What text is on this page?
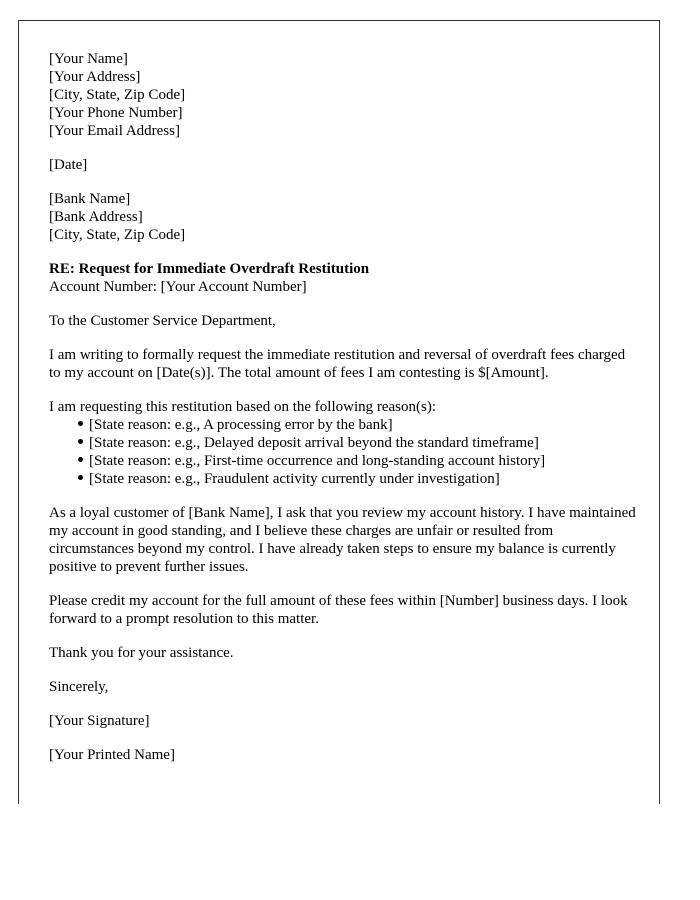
[Your Name]
[Your Address]
[City, State, Zip Code]
[Your Phone Number]
[Your Email Address]

[Date]

[Bank Name]
[Bank Address]
[City, State, Zip Code]
RE: Request for Immediate Overdraft Restitution
Account Number: [Your Account Number]

To the Customer Service Department,

I am writing to formally request the immediate restitution and reversal of overdraft fees charged to my account on [Date(s)]. The total amount of fees I am contesting is $[Amount].

I am requesting this restitution based on the following reason(s):

[State reason: e.g., A processing error by the bank]
[State reason: e.g., Delayed deposit arrival beyond the standard timeframe]
[State reason: e.g., First-time occurrence and long-standing account history]
[State reason: e.g., Fraudulent activity currently under investigation]

As a loyal customer of [Bank Name], I ask that you review my account history. I have maintained my account in good standing, and I believe these charges are unfair or resulted from circumstances beyond my control. I have already taken steps to ensure my balance is currently positive to prevent further issues.

Please credit my account for the full amount of these fees within [Number] business days. I look forward to a prompt resolution to this matter.

Thank you for your assistance.

Sincerely,

[Your Signature]

[Your Printed Name]
